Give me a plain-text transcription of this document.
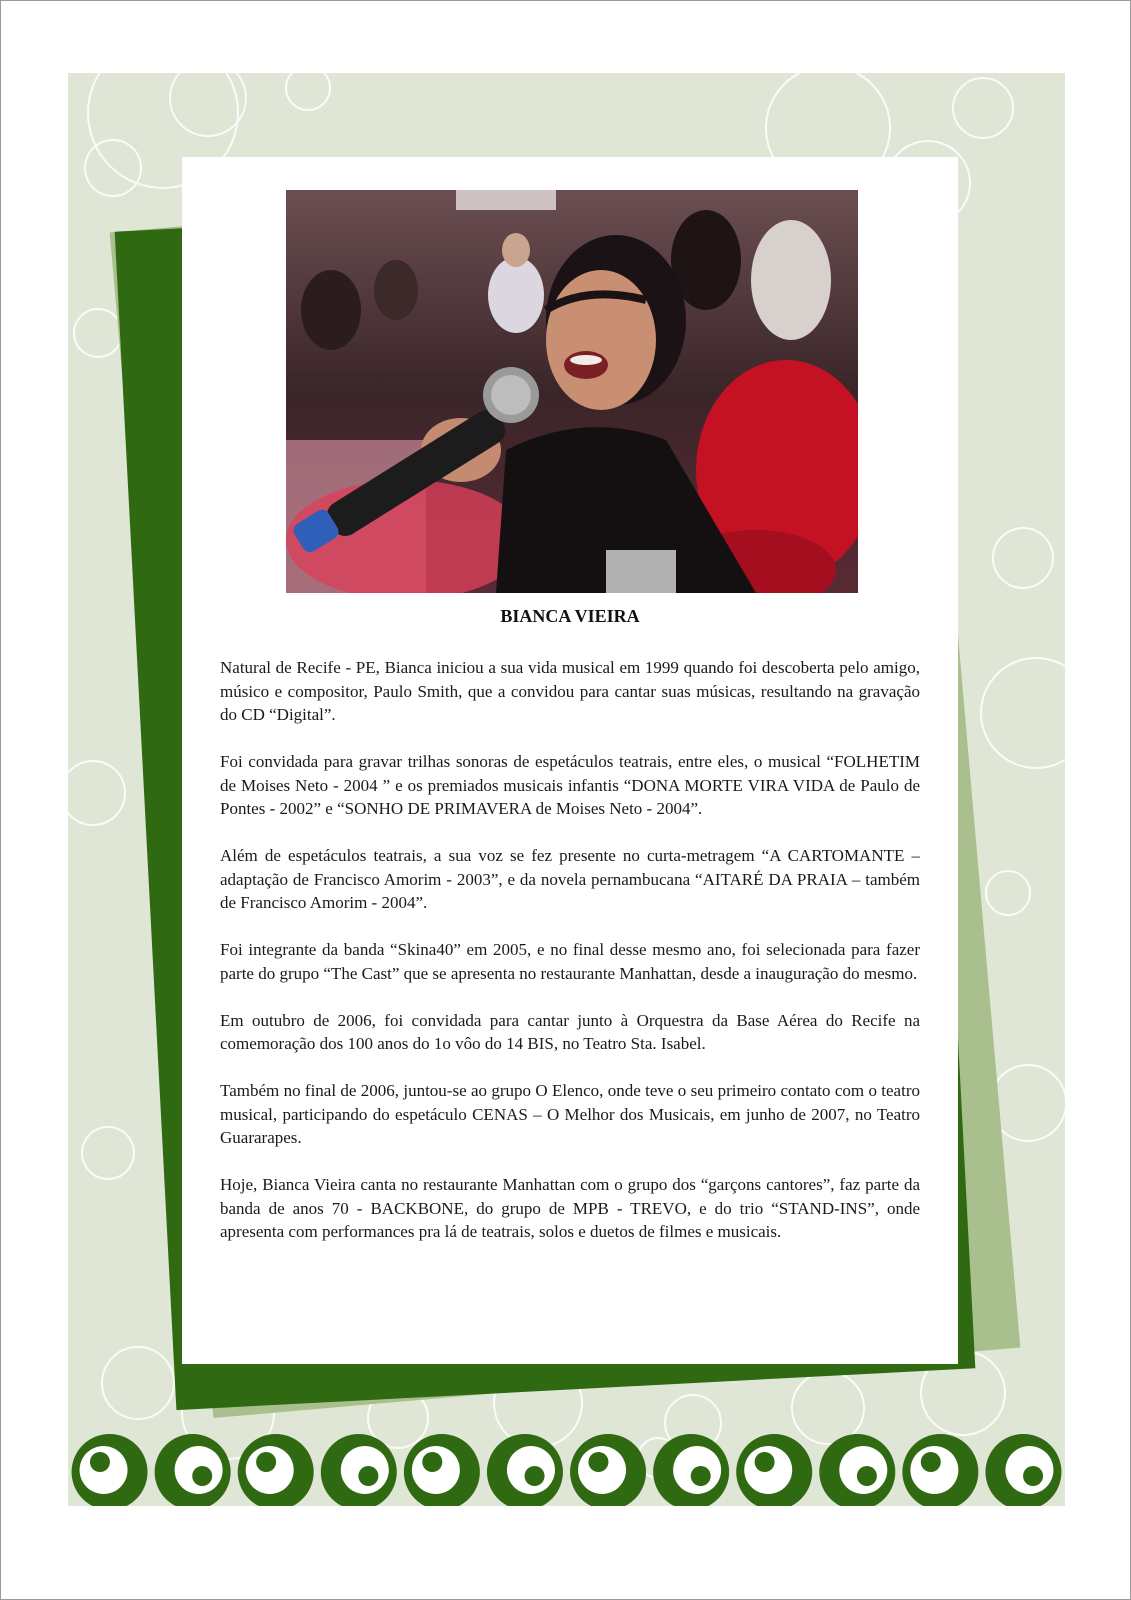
BIANCA VIEIRA

Natural de Recife - PE, Bianca iniciou a sua vida musical em 1999 quando foi descoberta pelo amigo, músico e compositor, Paulo Smith, que a convidou para cantar suas músicas, resultando na gravação do CD “Digital”.

Foi convidada para gravar trilhas sonoras de espetáculos teatrais, entre eles, o musical “FOLHETIM de Moises Neto - 2004 ” e os premiados musicais infantis “DONA MORTE VIRA VIDA de Paulo de Pontes - 2002” e “SONHO DE PRIMAVERA de Moises Neto - 2004”.

Além de espetáculos teatrais, a sua voz se fez presente no curta-metragem “A CARTOMANTE – adaptação de Francisco Amorim - 2003”, e da novela pernambucana “AITARÉ DA PRAIA – também de Francisco Amorim - 2004”.

Foi integrante da banda “Skina40” em 2005, e no final desse mesmo ano, foi selecionada para fazer parte do grupo “The Cast” que se apresenta no restaurante Manhattan, desde a inauguração do mesmo.

Em outubro de 2006, foi convidada para cantar junto à Orquestra da Base Aérea do Recife na comemoração dos 100 anos do 1o vôo do 14 BIS, no Teatro Sta. Isabel.

Também no final de 2006, juntou-se ao grupo O Elenco, onde teve o seu primeiro contato com o teatro musical, participando do espetáculo CENAS – O Melhor dos Musicais, em junho de 2007, no Teatro Guararapes.

Hoje, Bianca Vieira canta no restaurante Manhattan com o grupo dos “garçons cantores”, faz parte da banda de anos 70 - BACKBONE, do grupo de MPB - TREVO, e do trio “STAND-INS”, onde apresenta com performances pra lá de teatrais, solos e duetos de filmes e musicais.
